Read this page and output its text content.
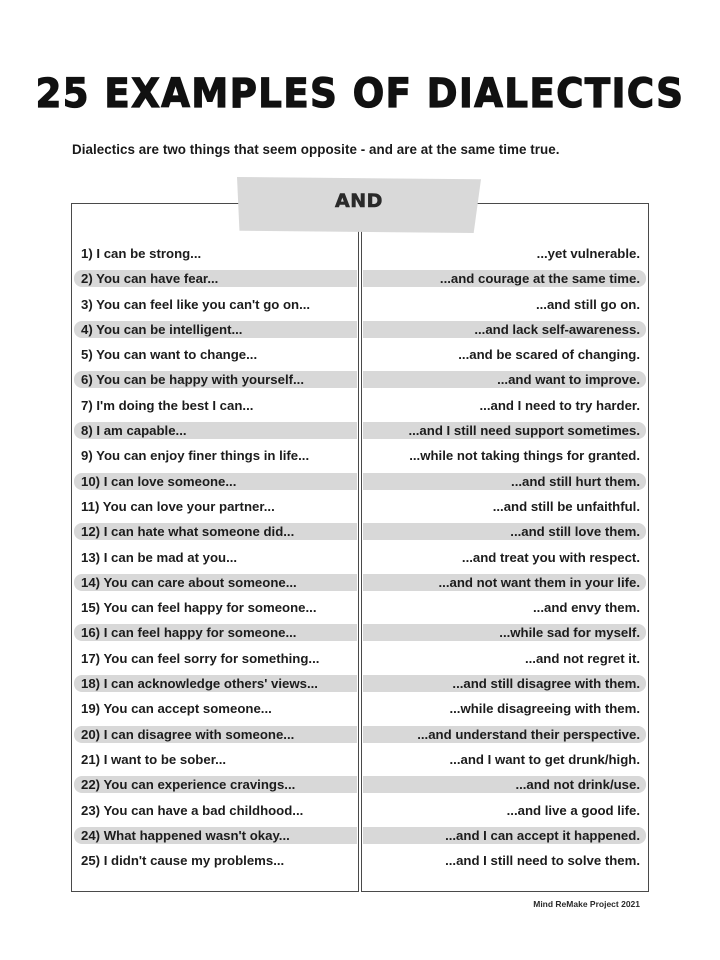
25 EXAMPLES OF DIALECTICS
Dialectics are two things that seem opposite - and are at the same time true.
AND
1) I can be strong...	...yet vulnerable.
2) You can have fear...	...and courage at the same time.
3) You can feel like you can't go on...	...and still go on.
4) You can be intelligent...	...and lack self-awareness.
5) You can want to change...	...and be scared of changing.
6) You can be happy with yourself...	...and want to improve.
7) I'm doing the best I can...	...and I need to try harder.
8) I am capable...	...and I still need support sometimes.
9) You can enjoy finer things in life...	...while not taking things for granted.
10) I can love someone...	...and still hurt them.
11) You can love your partner...	...and still be unfaithful.
12) I can hate what someone did...	...and still love them.
13) I can be mad at you...	...and treat you with respect.
14) You can care about someone...	...and not want them in your life.
15) You can feel happy for someone...	...and envy them.
16) I can feel happy for someone...	...while sad for myself.
17) You can feel sorry for something...	...and not regret it.
18) I can acknowledge others' views...	...and still disagree with them.
19) You can accept someone...	...while disagreeing with them.
20) I can disagree with someone...	...and understand their perspective.
21) I want to be sober...	...and I want to get drunk/high.
22) You can experience cravings...	...and not drink/use.
23) You can have a bad childhood...	...and live a good life.
24) What happened wasn't okay...	...and I can accept it happened.
25) I didn't cause my problems...	...and I still need to solve them.
Mind ReMake Project 2021
